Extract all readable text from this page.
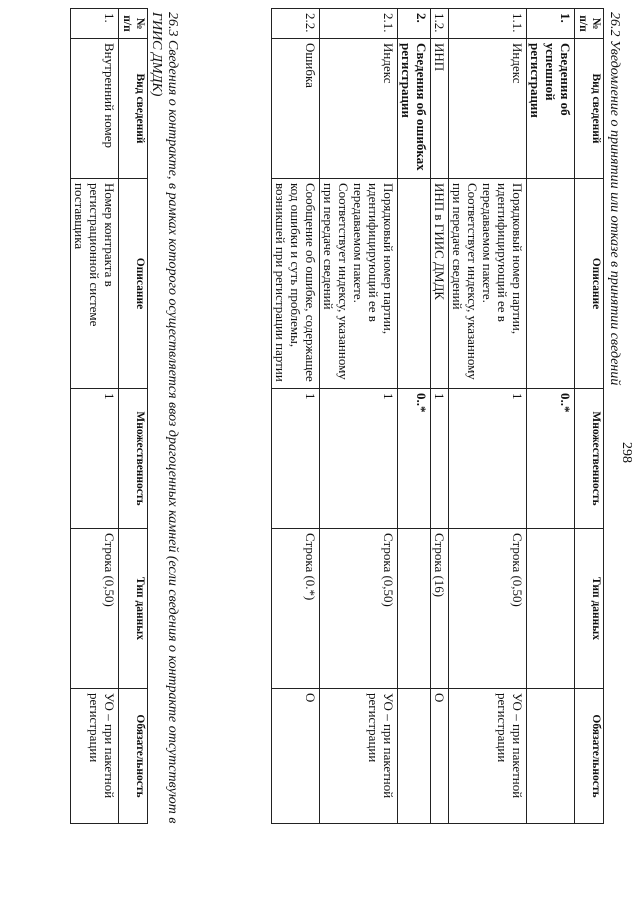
298
26.2 Уведомление о принятии или отказе в принятии сведений
№ п/п	Вид сведений	Описание	Множественность	Тип данных	Обязательность
1.	Сведения об успешной регистрации		0..*		
1.1.	Индекс	Порядковый номер партии, идентифицирующий ее в передаваемом пакете. Соответствует индексу, указанному при передаче сведений	1	Строка (0,50)	УО – при пакетной регистрации
1.2.	ИНП	ИНП в ГИИС ДМДК	1	Строка (16)	О
2.	Сведения об ошибках регистрации		0..*		
2.1.	Индекс	Порядковый номер партии, идентифицирующий ее в передаваемом пакете. Соответствует индексу, указанному при передаче сведений	1	Строка (0,50)	УО – при пакетной регистрации
2.2.	Ошибка	Сообщение об ошибке, содержащее код ошибки и суть проблемы, возникшей при регистрации партии	1	Строка (0.*)	О
26.3 Сведения о контракте, в рамках которого осуществляется ввоз драгоценных камней (если сведения о контракте отсутствуют в ГИИС ДМДК)
№ п/п	Вид сведений	Описание	Множественность	Тип данных	Обязательность
1.	Внутренний номер	Номер контракта в регистрационной системе поставщика	1	Строка (0,50)	УО – при пакетной регистрации
